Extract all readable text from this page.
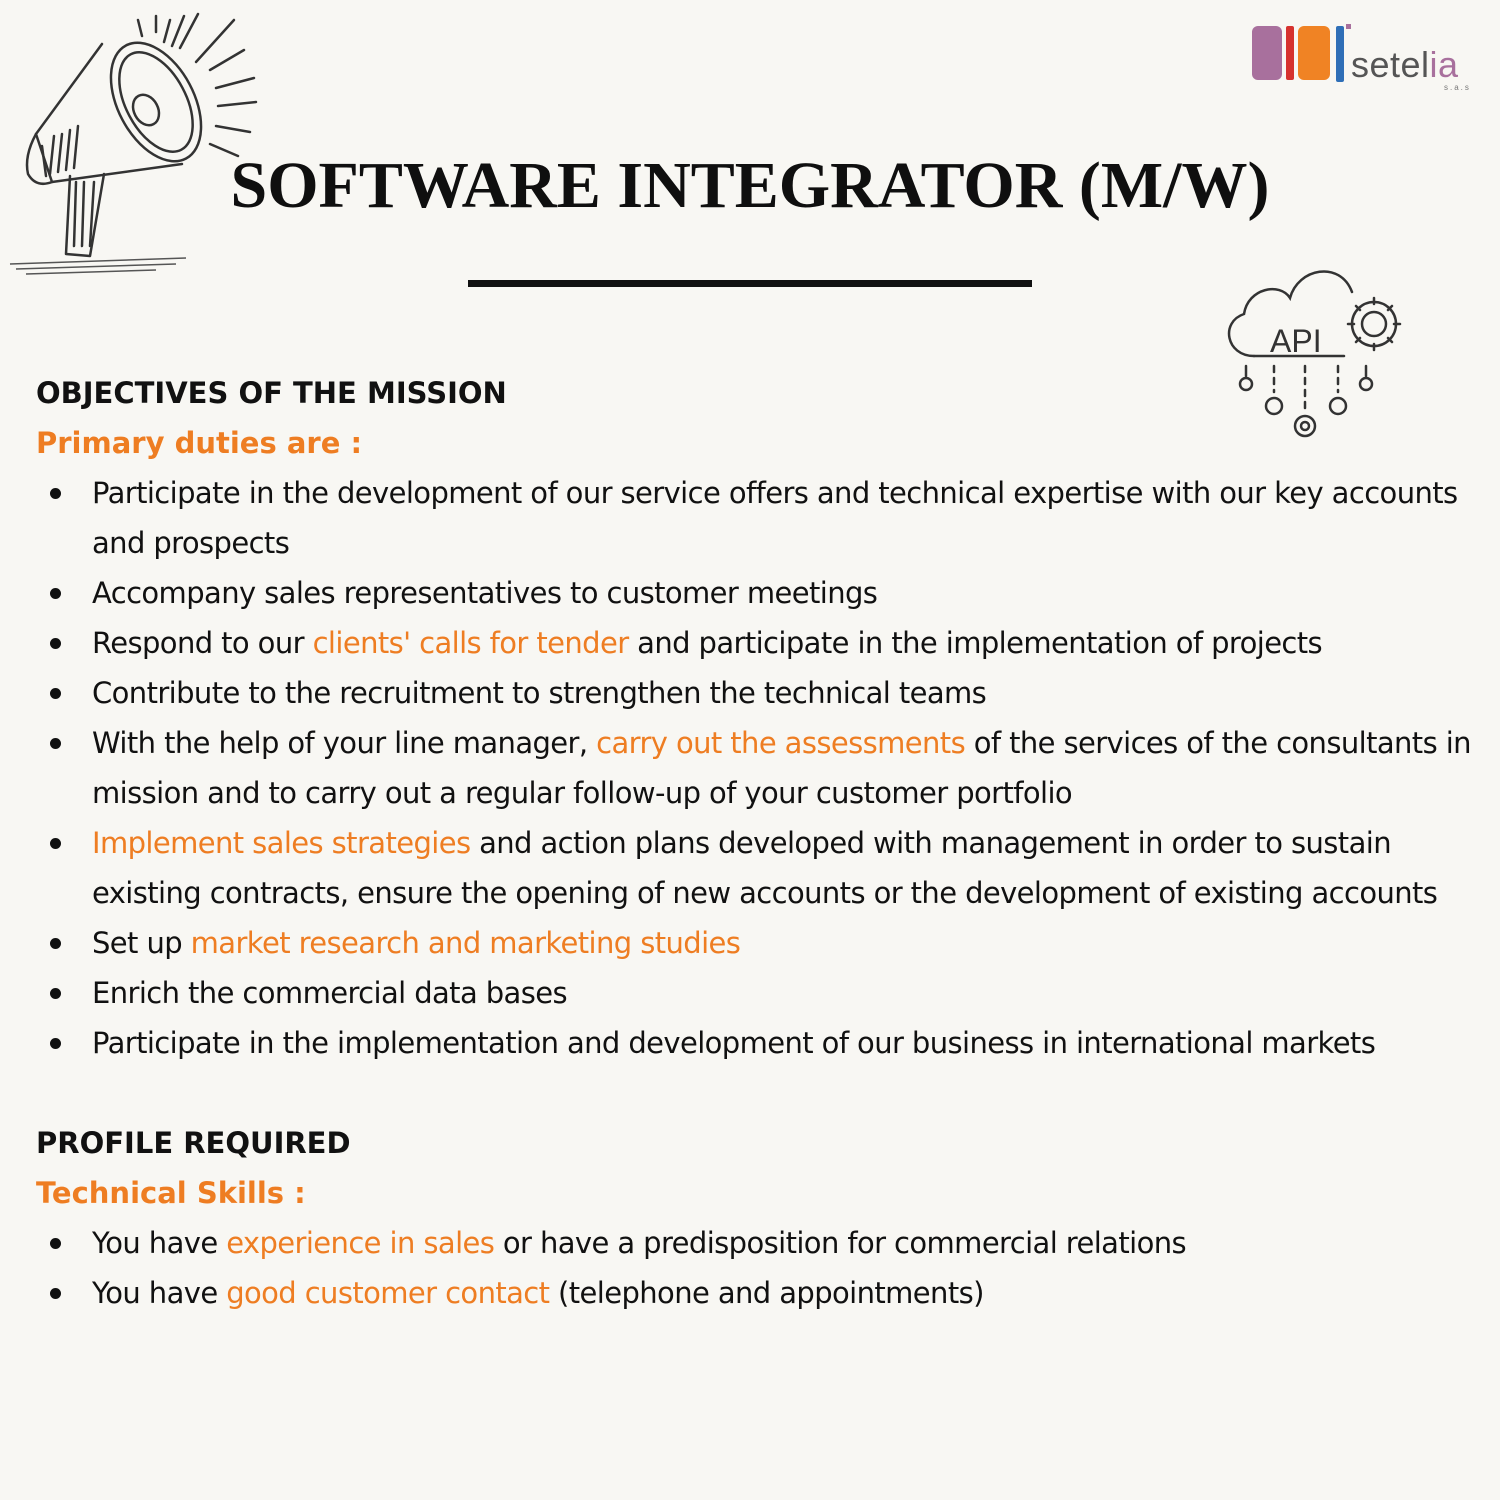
setelia
s.a.s
SOFTWARE INTEGRATOR (M/W)
API

OBJECTIVES OF THE MISSION

Primary duties are :

Participate in the development of our service offers and technical expertise with our key accounts and prospects
Accompany sales representatives to customer meetings
Respond to our clients' calls for tender and participate in the implementation of projects
Contribute to the recruitment to strengthen the technical teams
With the help of your line manager, carry out the assessments of the services of the consultants in mission and to carry out a regular follow-up of your customer portfolio
Implement sales strategies and action plans developed with management in order to sustain existing contracts, ensure the opening of new accounts or the development of existing accounts
Set up market research and marketing studies
Enrich the commercial data bases
Participate in the implementation and development of our business in international markets

PROFILE REQUIRED

Technical Skills :

You have experience in sales or have a predisposition for commercial relations
You have good customer contact (telephone and appointments)
